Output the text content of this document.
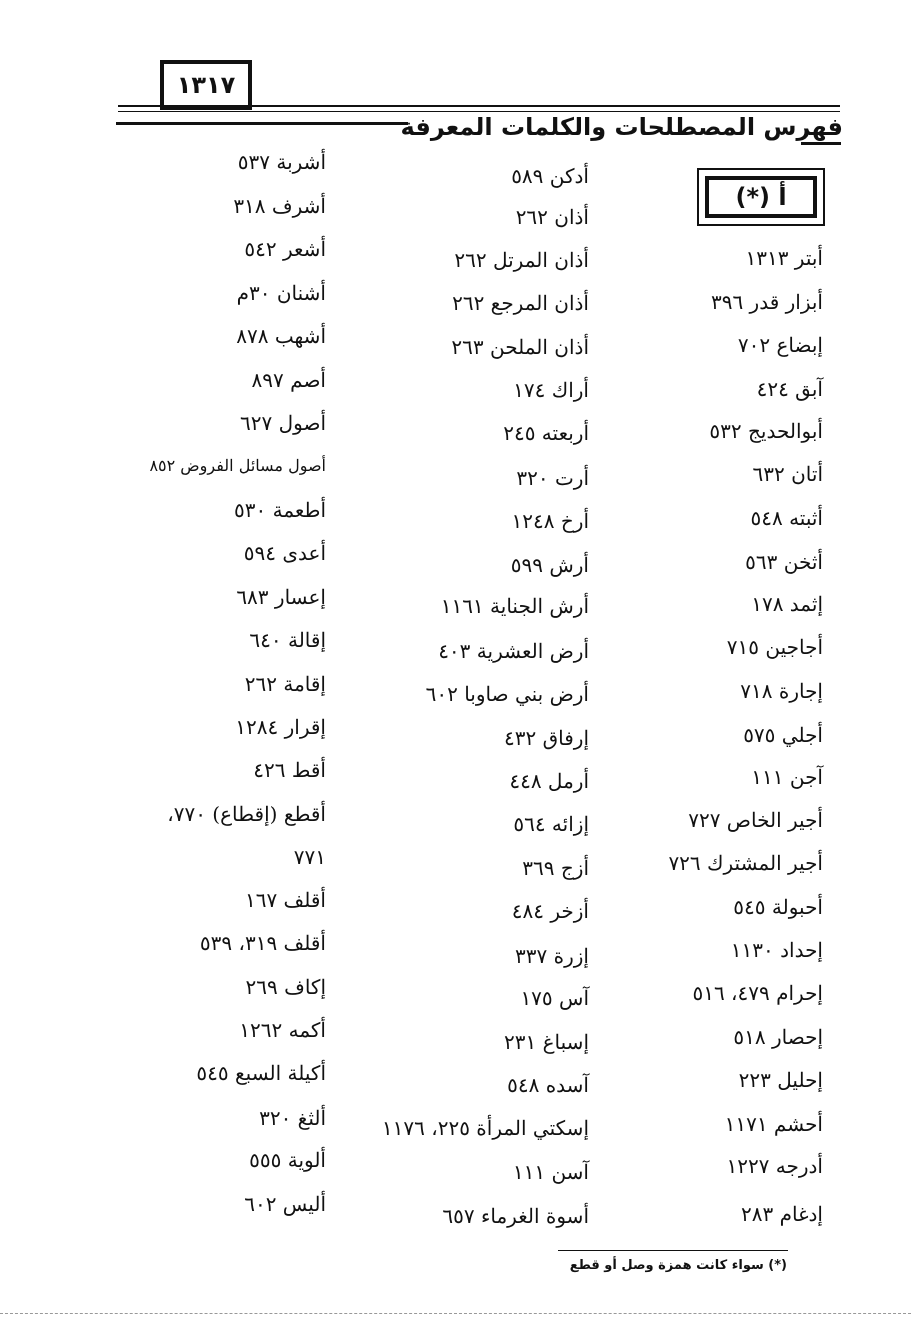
١٣١٧
فهرس المصطلحات والكلمات المعرفة
أ (*)
أبتر ١٣١٣
أبزار قدر ٣٩٦
إبضاع ٧٠٢
آبق ٤٢٤
أبوالحديج ٥٣٢
أتان ٦٣٢
أثبته ٥٤٨
أثخن ٥٦٣
إثمد ١٧٨
أجاجين ٧١٥
إجارة ٧١٨
أجلي ٥٧٥
آجن ١١١
أجير الخاص ٧٢٧
أجير المشترك ٧٢٦
أحبولة ٥٤٥
إحداد ١١٣٠
إحرام ٤٧٩، ٥١٦
إحصار ٥١٨
إحليل ٢٢٣
أحشم ١١٧١
أدرجه ١٢٢٧
إدغام ٢٨٣
أدكن ٥٨٩
أذان ٢٦٢
أذان المرتل ٢٦٢
أذان المرجع ٢٦٢
أذان الملحن ٢٦٣
أراك ١٧٤
أربعته ٢٤٥
أرت ٣٢٠
أرخ ١٢٤٨
أرش ٥٩٩
أرش الجناية ١١٦١
أرض العشرية ٤٠٣
أرض بني صاوبا ٦٠٢
إرفاق ٤٣٢
أرمل ٤٤٨
إزائه ٥٦٤
أزج ٣٦٩
أزخر ٤٨٤
إزرة ٣٣٧
آس ١٧٥
إسباغ ٢٣١
آسده ٥٤٨
إسكتي المرأة ٢٢٥، ١١٧٦
آسن ١١١
أسوة الغرماء ٦٥٧
أشربة ٥٣٧
أشرف ٣١٨
أشعر ٥٤٢
أشنان ٣٠م
أشهب ٨٧٨
أصم ٨٩٧
أصول ٦٢٧
أصول مسائل الفروض ٨٥٢
أطعمة ٥٣٠
أعدى ٥٩٤
إعسار ٦٨٣
إقالة ٦٤٠
إقامة ٢٦٢
إقرار ١٢٨٤
أقط ٤٢٦
أقطع (إقطاع) ٧٧٠،
٧٧١
أقلف ١٦٧
أقلف ٣١٩، ٥٣٩
إكاف ٢٦٩
أكمه ١٢٦٢
أكيلة السبع ٥٤٥
ألثغ ٣٢٠
ألوية ٥٥٥
أليس ٦٠٢
(*) سواء كانت همزة وصل أو قطع
